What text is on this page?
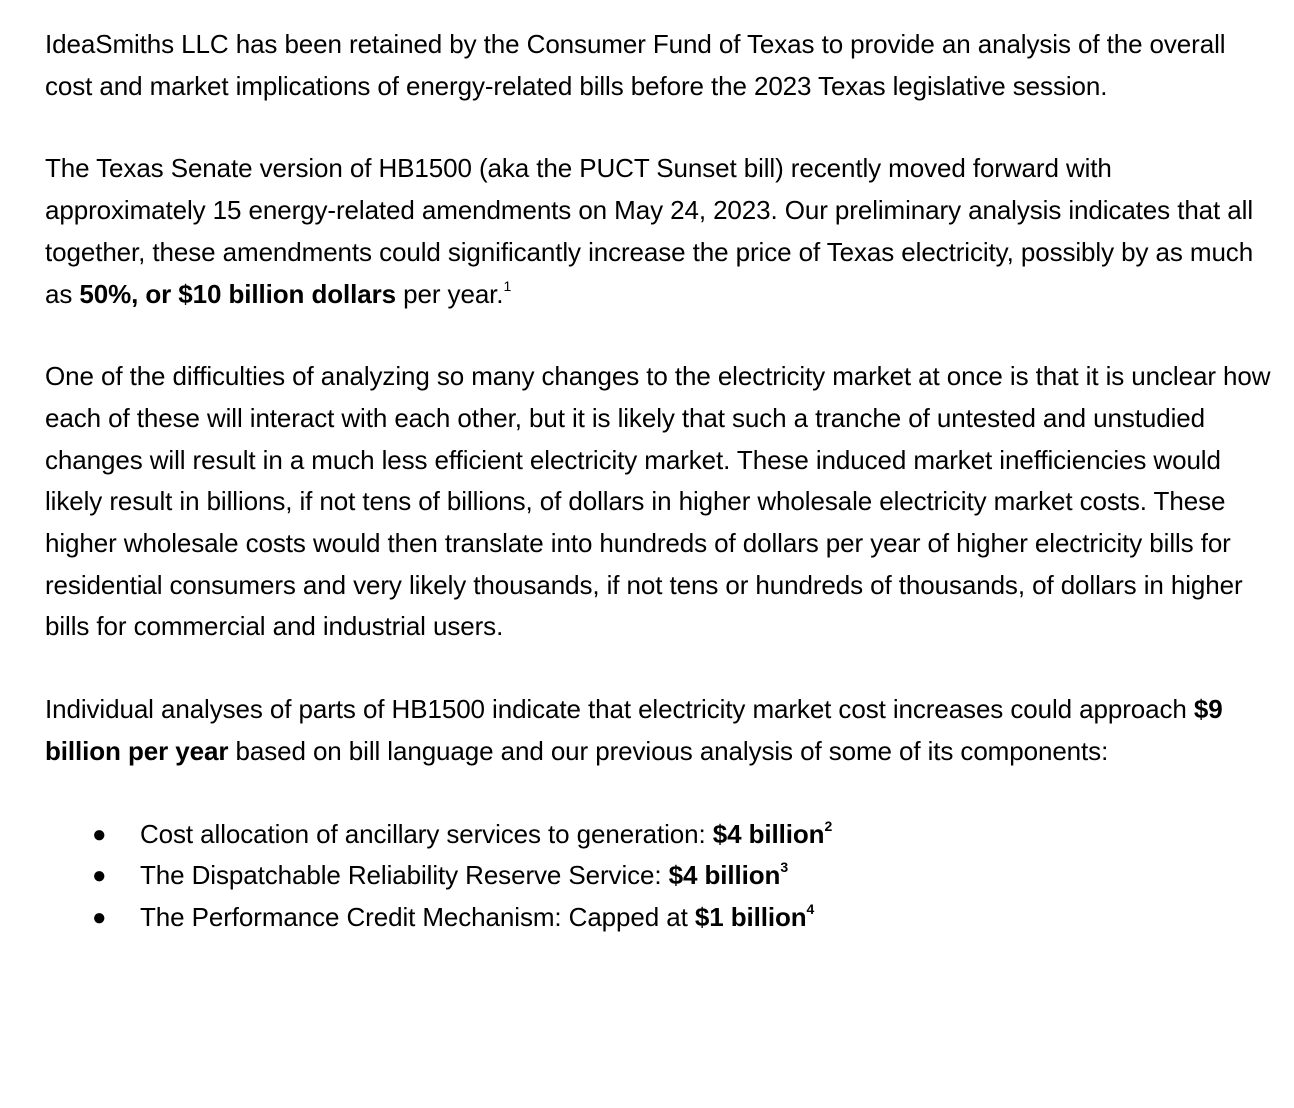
IdeaSmiths LLC has been retained by the Consumer Fund of Texas to provide an analysis of the overall cost and market implications of energy-related bills before the 2023 Texas legislative session.

The Texas Senate version of HB1500 (aka the PUCT Sunset bill) recently moved forward with approximately 15 energy-related amendments on May 24, 2023. Our preliminary analysis indicates that all together, these amendments could significantly increase the price of Texas electricity, possibly by as much as 50%, or $10 billion dollars per year.$^1$

One of the difficulties of analyzing so many changes to the electricity market at once is that it is unclear how each of these will interact with each other, but it is likely that such a tranche of untested and unstudied changes will result in a much less efficient electricity market. These induced market inefficiencies would likely result in billions, if not tens of billions, of dollars in higher wholesale electricity market costs. These higher wholesale costs would then translate into hundreds of dollars per year of higher electricity bills for residential consumers and very likely thousands, if not tens or hundreds of thousands, of dollars in higher bills for commercial and industrial users.

Individual analyses of parts of HB1500 indicate that electricity market cost increases could approach $9 billion per year based on bill language and our previous analysis of some of its components:

● Cost allocation of ancillary services to generation: $4 billion$^2$
● The Dispatchable Reliability Reserve Service: $4 billion$^3$
● The Performance Credit Mechanism: Capped at $1 billion$^4$
